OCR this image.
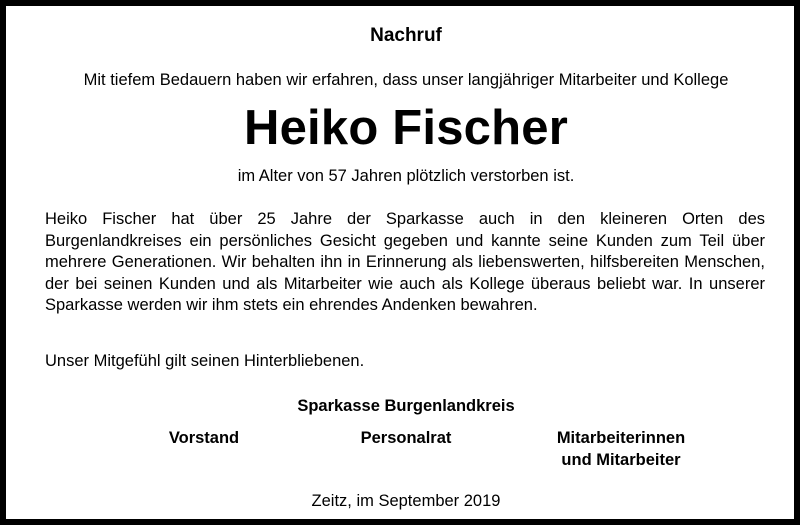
Nachruf
Mit tiefem Bedauern haben wir erfahren, dass unser langjähriger Mitarbeiter und Kollege
Heiko Fischer
im Alter von 57 Jahren plötzlich verstorben ist.
Heiko Fischer hat über 25 Jahre der Sparkasse auch in den kleineren Orten des Burgenlandkreises ein persönliches Gesicht gegeben und kannte seine Kunden zum Teil über mehrere Generationen. Wir behalten ihn in Erinnerung als liebenswerten, hilfsbereiten Menschen, der bei seinen Kunden und als Mitarbeiter wie auch als Kollege überaus beliebt war. In unserer Sparkasse werden wir ihm stets ein ehrendes Andenken bewahren.
Unser Mitgefühl gilt seinen Hinterbliebenen.
Sparkasse Burgenlandkreis
Vorstand	Personalrat	Mitarbeiterinnen
und Mitarbeiter
Zeitz, im September 2019
